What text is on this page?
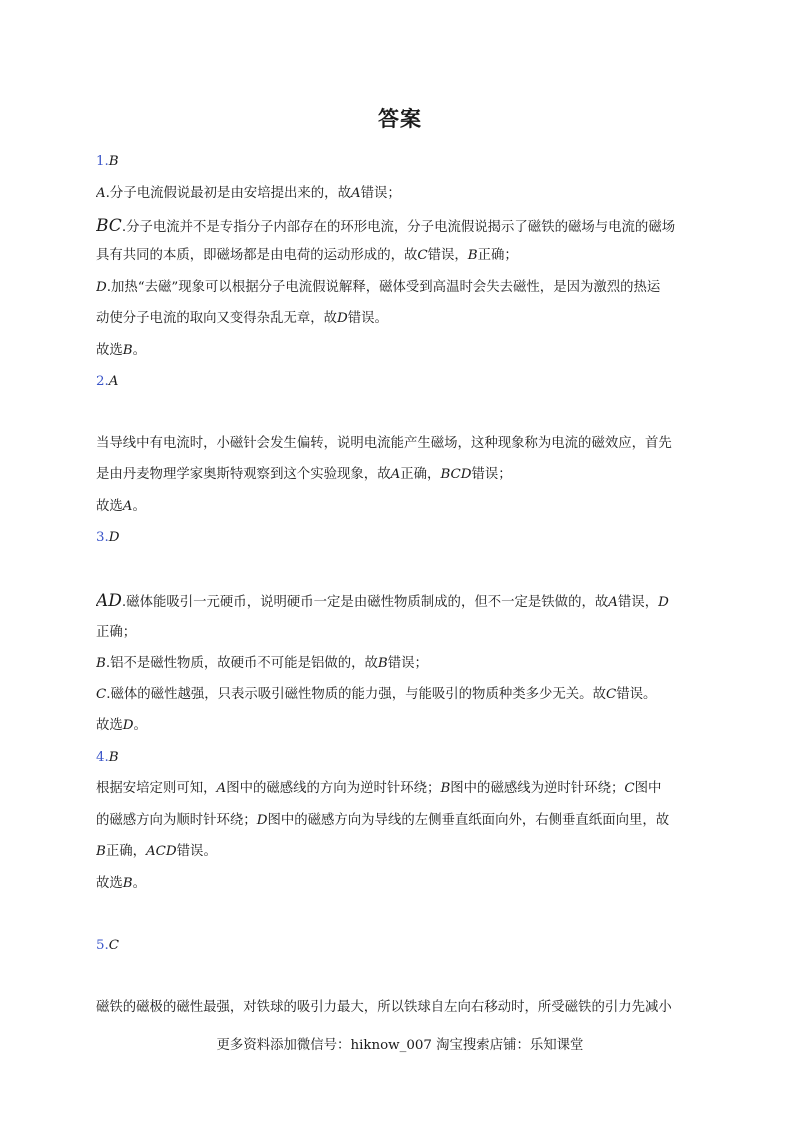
答案
1.B
A.分子电流假说最初是由安培提出来的，故A错误；
BC.分子电流并不是专指分子内部存在的环形电流，分子电流假说揭示了磁铁的磁场与电流的磁场
具有共同的本质，即磁场都是由电荷的运动形成的，故C错误，B正确；
D.加热“去磁”现象可以根据分子电流假说解释，磁体受到高温时会失去磁性，是因为激烈的热运
动使分子电流的取向又变得杂乱无章，故D错误。
故选B。
2.A
当导线中有电流时，小磁针会发生偏转，说明电流能产生磁场，这种现象称为电流的磁效应，首先
是由丹麦物理学家奥斯特观察到这个实验现象，故A正确，BCD错误；
故选A。
3.D
AD.磁体能吸引一元硬币，说明硬币一定是由磁性物质制成的，但不一定是铁做的，故A错误，D
正确；
B.铝不是磁性物质，故硬币不可能是铝做的，故B错误；
C.磁体的磁性越强，只表示吸引磁性物质的能力强，与能吸引的物质种类多少无关。故C错误。
故选D。
4.B
根据安培定则可知，A图中的磁感线的方向为逆时针环绕；B图中的磁感线为逆时针环绕；C图中
的磁感方向为顺时针环绕；D图中的磁感方向为导线的左侧垂直纸面向外，右侧垂直纸面向里，故
B正确，ACD错误。
故选B。
5.C
磁铁的磁极的磁性最强，对铁球的吸引力最大，所以铁球自左向右移动时，所受磁铁的引力先减小
更多资料添加微信号：hiknow_007 淘宝搜索店铺：乐知课堂
